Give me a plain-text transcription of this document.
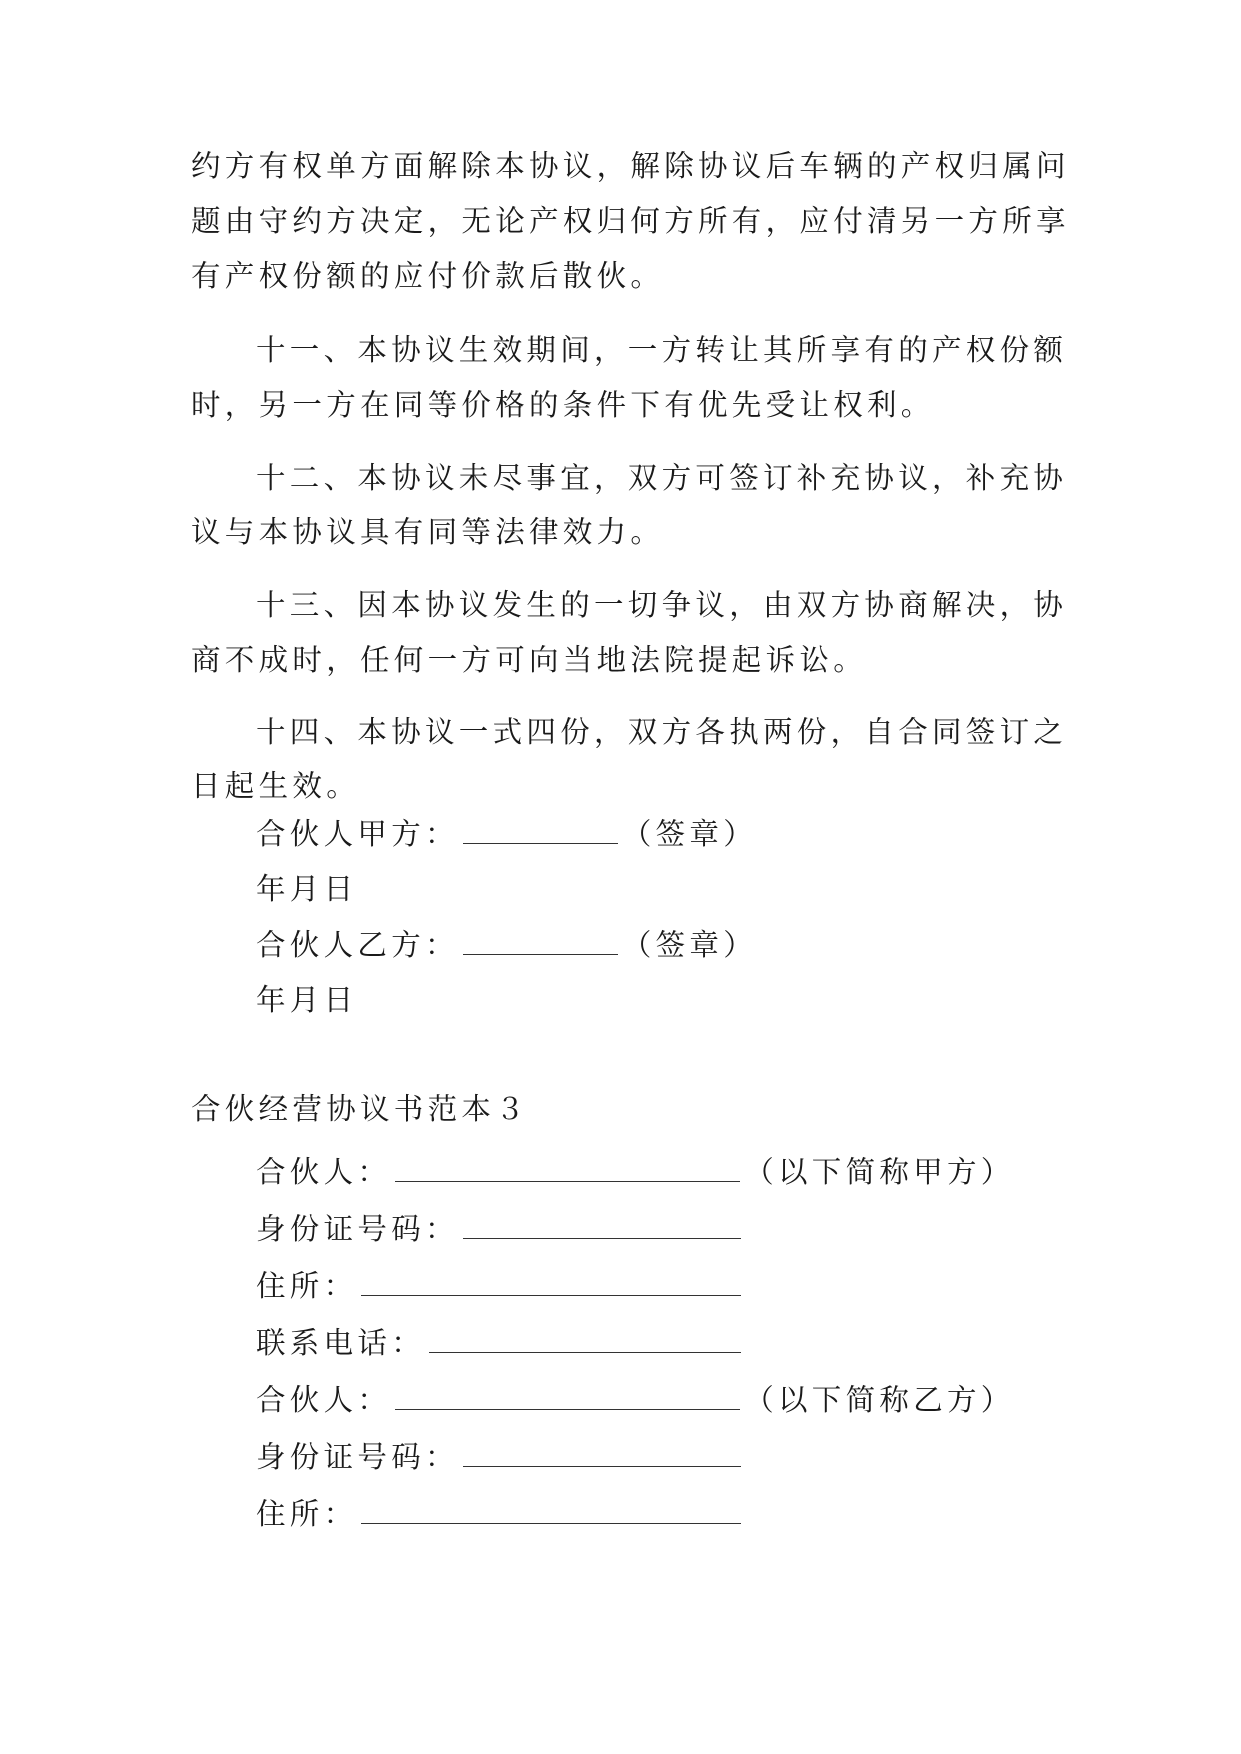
约方有权单方面解除本协议，解除协议后车辆的产权归属问
题由守约方决定，无论产权归何方所有，应付清另一方所享
有产权份额的应付价款后散伙。
十一、本协议生效期间，一方转让其所享有的产权份额
时，另一方在同等价格的条件下有优先受让权利。
十二、本协议未尽事宜，双方可签订补充协议，补充协
议与本协议具有同等法律效力。
十三、因本协议发生的一切争议，由双方协商解决，协
商不成时，任何一方可向当地法院提起诉讼。
十四、本协议一式四份，双方各执两份，自合同签订之
日起生效。
合伙人甲方：	（签章）
年月日
合伙人乙方：	（签章）
年月日
合伙经营协议书范本３
合伙人：	（以下简称甲方）
身份证号码：
住所：
联系电话：
合伙人：	（以下简称乙方）
身份证号码：
住所：
